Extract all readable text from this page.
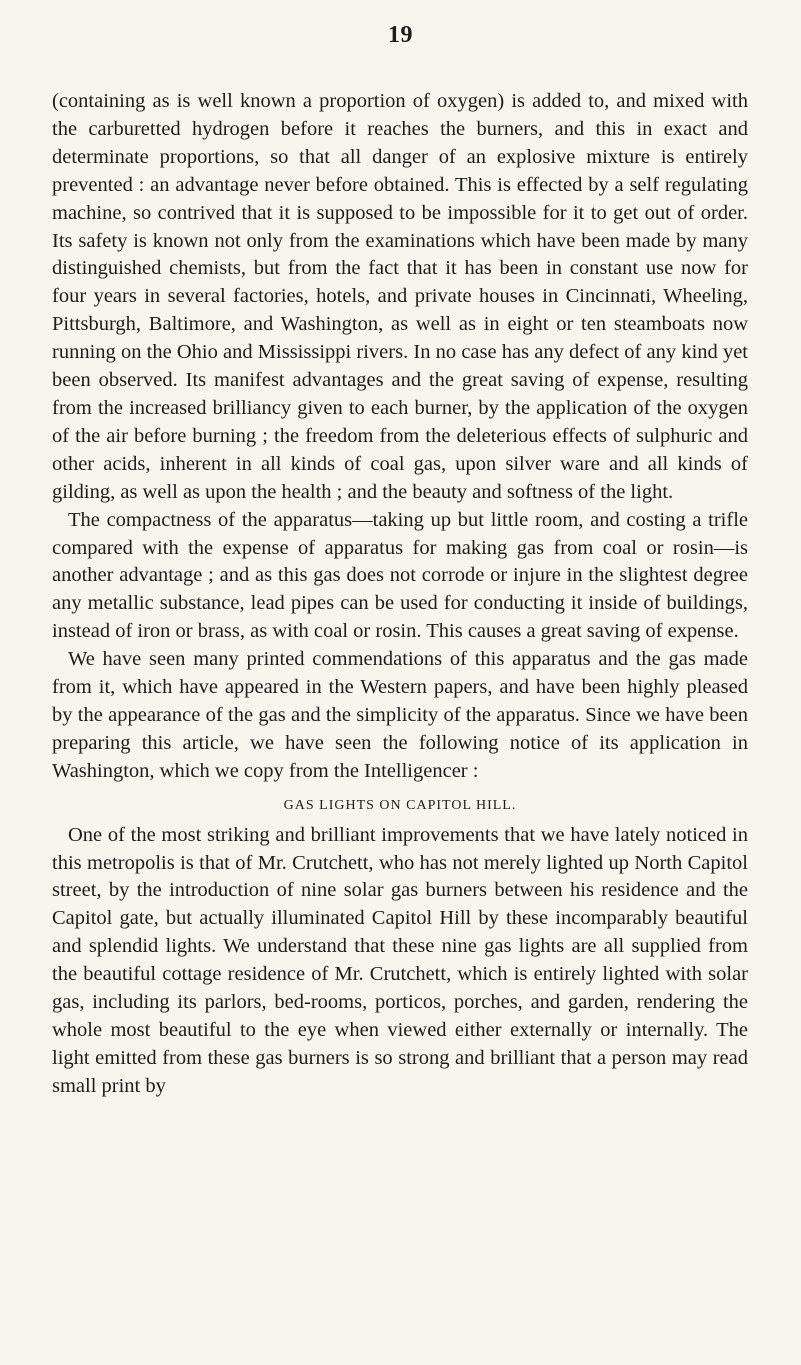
19

(containing as is well known a proportion of oxygen) is added to, and mixed with the carburetted hydrogen before it reaches the burners, and this in exact and determinate proportions, so that all danger of an explosive mixture is entirely prevented : an advantage never before obtained. This is effected by a self regulating machine, so contrived that it is supposed to be impossible for it to get out of order. Its safety is known not only from the examinations which have been made by many distinguished chemists, but from the fact that it has been in constant use now for four years in several factories, hotels, and private houses in Cincinnati, Wheeling, Pittsburgh, Baltimore, and Washington, as well as in eight or ten steamboats now running on the Ohio and Mississippi rivers. In no case has any defect of any kind yet been observed. Its manifest advantages and the great saving of expense, resulting from the increased brilliancy given to each burner, by the application of the oxygen of the air before burning ; the freedom from the deleterious effects of sulphuric and other acids, inherent in all kinds of coal gas, upon silver ware and all kinds of gilding, as well as upon the health ; and the beauty and softness of the light.

The compactness of the apparatus—taking up but little room, and costing a trifle compared with the expense of apparatus for making gas from coal or rosin—is another advantage ; and as this gas does not corrode or injure in the slightest degree any metallic substance, lead pipes can be used for conducting it inside of buildings, instead of iron or brass, as with coal or rosin. This causes a great saving of expense.

We have seen many printed commendations of this apparatus and the gas made from it, which have appeared in the Western papers, and have been highly pleased by the appearance of the gas and the simplicity of the apparatus. Since we have been preparing this article, we have seen the following notice of its application in Washington, which we copy from the Intelligencer :

GAS LIGHTS ON CAPITOL HILL.

One of the most striking and brilliant improvements that we have lately noticed in this metropolis is that of Mr. Crutchett, who has not merely lighted up North Capitol street, by the introduction of nine solar gas burners between his residence and the Capitol gate, but actually illuminated Capitol Hill by these incomparably beautiful and splendid lights. We understand that these nine gas lights are all supplied from the beautiful cottage residence of Mr. Crutchett, which is entirely lighted with solar gas, including its parlors, bed-rooms, porticos, porches, and garden, rendering the whole most beautiful to the eye when viewed either externally or internally. The light emitted from these gas burners is so strong and brilliant that a person may read small print by
